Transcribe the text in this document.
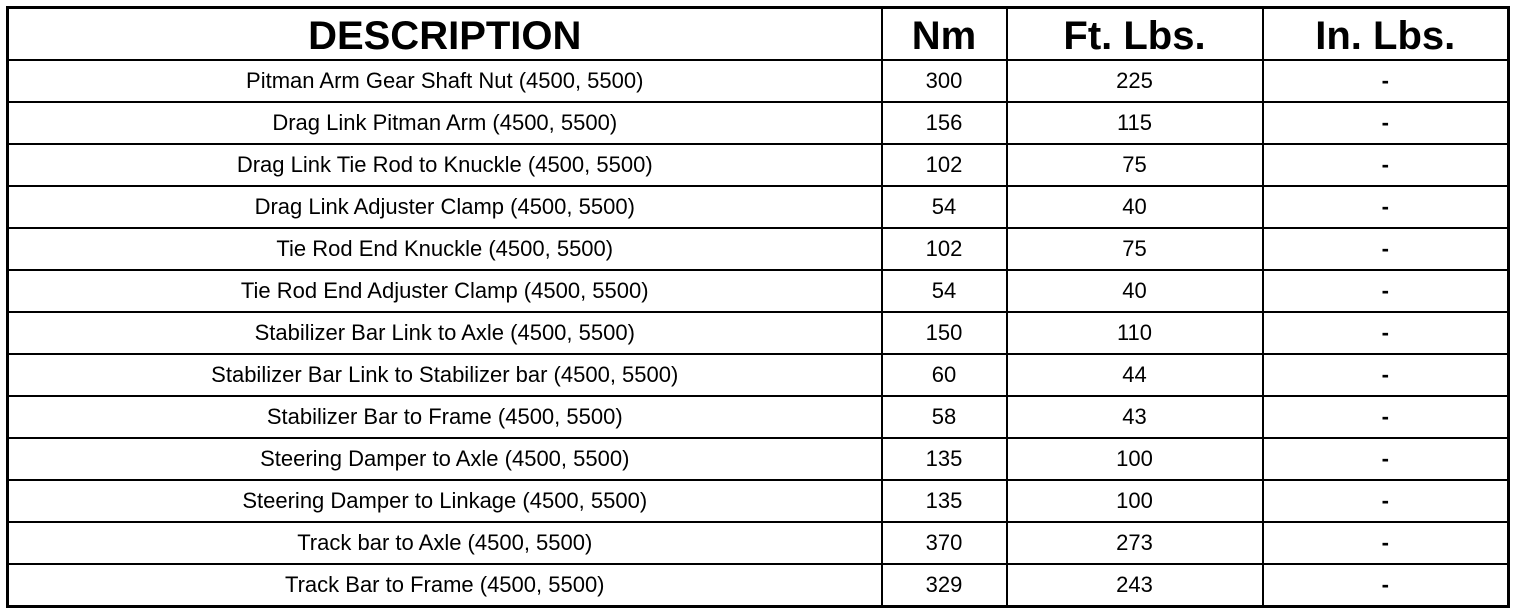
DESCRIPTION	Nm	Ft. Lbs.	In. Lbs.
Pitman Arm Gear Shaft Nut (4500, 5500)	300	225	-
Drag Link Pitman Arm (4500, 5500)	156	115	-
Drag Link Tie Rod to Knuckle (4500, 5500)	102	75	-
Drag Link Adjuster Clamp (4500, 5500)	54	40	-
Tie Rod End Knuckle (4500, 5500)	102	75	-
Tie Rod End Adjuster Clamp (4500, 5500)	54	40	-
Stabilizer Bar Link to Axle (4500, 5500)	150	110	-
Stabilizer Bar Link to Stabilizer bar (4500, 5500)	60	44	-
Stabilizer Bar to Frame (4500, 5500)	58	43	-
Steering Damper to Axle (4500, 5500)	135	100	-
Steering Damper to Linkage (4500, 5500)	135	100	-
Track bar to Axle (4500, 5500)	370	273	-
Track Bar to Frame (4500, 5500)	329	243	-
